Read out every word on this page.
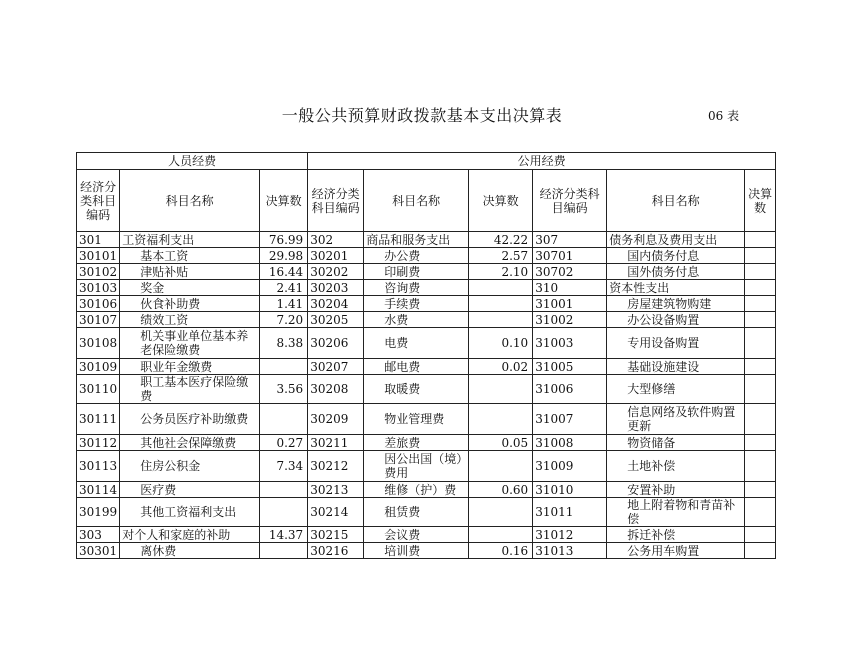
一般公共预算财政拨款基本支出决算表	06 表
人员经费			公用经费					
经济分类科目编码	科目名称	决算数	经济分类科目编码	科目名称	决算数	经济分类科目编码	科目名称	决算数
301	工资福利支出	76.99	302	商品和服务支出	42.22	307	债务利息及费用支出	
30101	基本工资	29.98	30201	办公费	2.57	30701	国内债务付息	
30102	津贴补贴	16.44	30202	印刷费	2.10	30702	国外债务付息	
30103	奖金	2.41	30203	咨询费		310	资本性支出	
30106	伙食补助费	1.41	30204	手续费		31001	房屋建筑物购建	
30107	绩效工资	7.20	30205	水费		31002	办公设备购置	
30108	机关事业单位基本养老保险缴费	8.38	30206	电费	0.10	31003	专用设备购置	
30109	职业年金缴费		30207	邮电费	0.02	31005	基础设施建设	
30110	职工基本医疗保险缴费	3.56	30208	取暖费		31006	大型修缮	
30111	公务员医疗补助缴费		30209	物业管理费		31007	信息网络及软件购置更新	
30112	其他社会保障缴费	0.27	30211	差旅费	0.05	31008	物资储备	
30113	住房公积金	7.34	30212	因公出国（境）费用		31009	土地补偿	
30114	医疗费		30213	维修（护）费	0.60	31010	安置补助	
30199	其他工资福利支出		30214	租赁费		31011	地上附着物和青苗补偿	
303	对个人和家庭的补助	14.37	30215	会议费		31012	拆迁补偿	
30301	离休费		30216	培训费	0.16	31013	公务用车购置	
